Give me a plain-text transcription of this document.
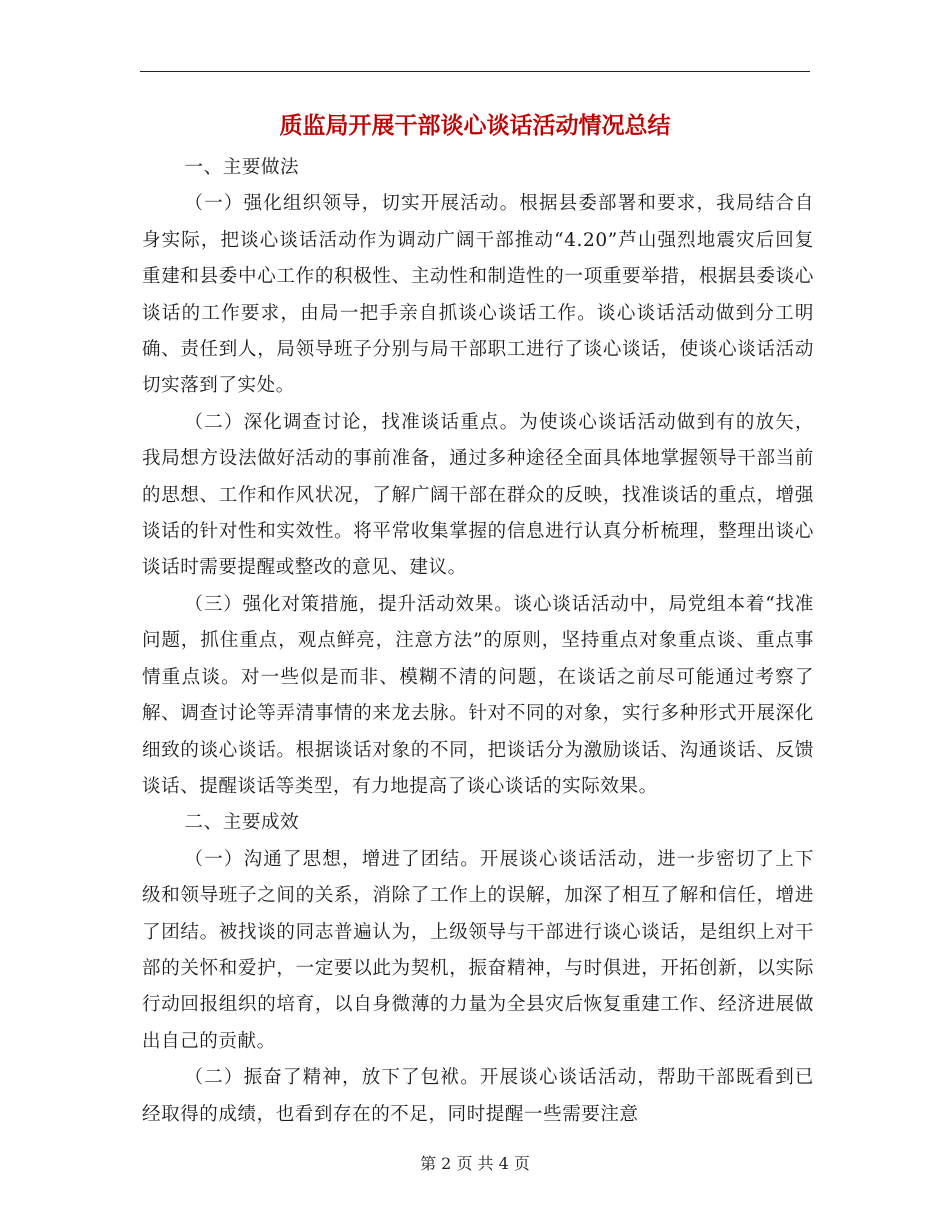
质监局开展干部谈心谈话活动情况总结

一、主要做法

（一）强化组织领导，切实开展活动。根据县委部署和要求，我局结合自身实际，把谈心谈话活动作为调动广阔干部推动“4.20”芦山强烈地震灾后回复重建和县委中心工作的积极性、主动性和制造性的一项重要举措，根据县委谈心谈话的工作要求，由局一把手亲自抓谈心谈话工作。谈心谈话活动做到分工明确、责任到人，局领导班子分别与局干部职工进行了谈心谈话，使谈心谈话活动切实落到了实处。

（二）深化调查讨论，找准谈话重点。为使谈心谈话活动做到有的放矢，我局想方设法做好活动的事前准备，通过多种途径全面具体地掌握领导干部当前的思想、工作和作风状况，了解广阔干部在群众的反映，找准谈话的重点，增强谈话的针对性和实效性。将平常收集掌握的信息进行认真分析梳理，整理出谈心谈话时需要提醒或整改的意见、建议。

（三）强化对策措施，提升活动效果。谈心谈话活动中，局党组本着“找准问题，抓住重点，观点鲜亮，注意方法”的原则，坚持重点对象重点谈、重点事情重点谈。对一些似是而非、模糊不清的问题，在谈话之前尽可能通过考察了解、调查讨论等弄清事情的来龙去脉。针对不同的对象，实行多种形式开展深化细致的谈心谈话。根据谈话对象的不同，把谈话分为激励谈话、沟通谈话、反馈谈话、提醒谈话等类型，有力地提高了谈心谈话的实际效果。

二、主要成效

（一）沟通了思想，增进了团结。开展谈心谈话活动，进一步密切了上下级和领导班子之间的关系，消除了工作上的误解，加深了相互了解和信任，增进了团结。被找谈的同志普遍认为，上级领导与干部进行谈心谈话，是组织上对干部的关怀和爱护，一定要以此为契机，振奋精神，与时俱进，开拓创新，以实际行动回报组织的培育，以自身微薄的力量为全县灾后恢复重建工作、经济进展做出自己的贡献。

（二）振奋了精神，放下了包袱。开展谈心谈话活动，帮助干部既看到已经取得的成绩，也看到存在的不足，同时提醒一些需要注意

第 2 页 共 4 页
